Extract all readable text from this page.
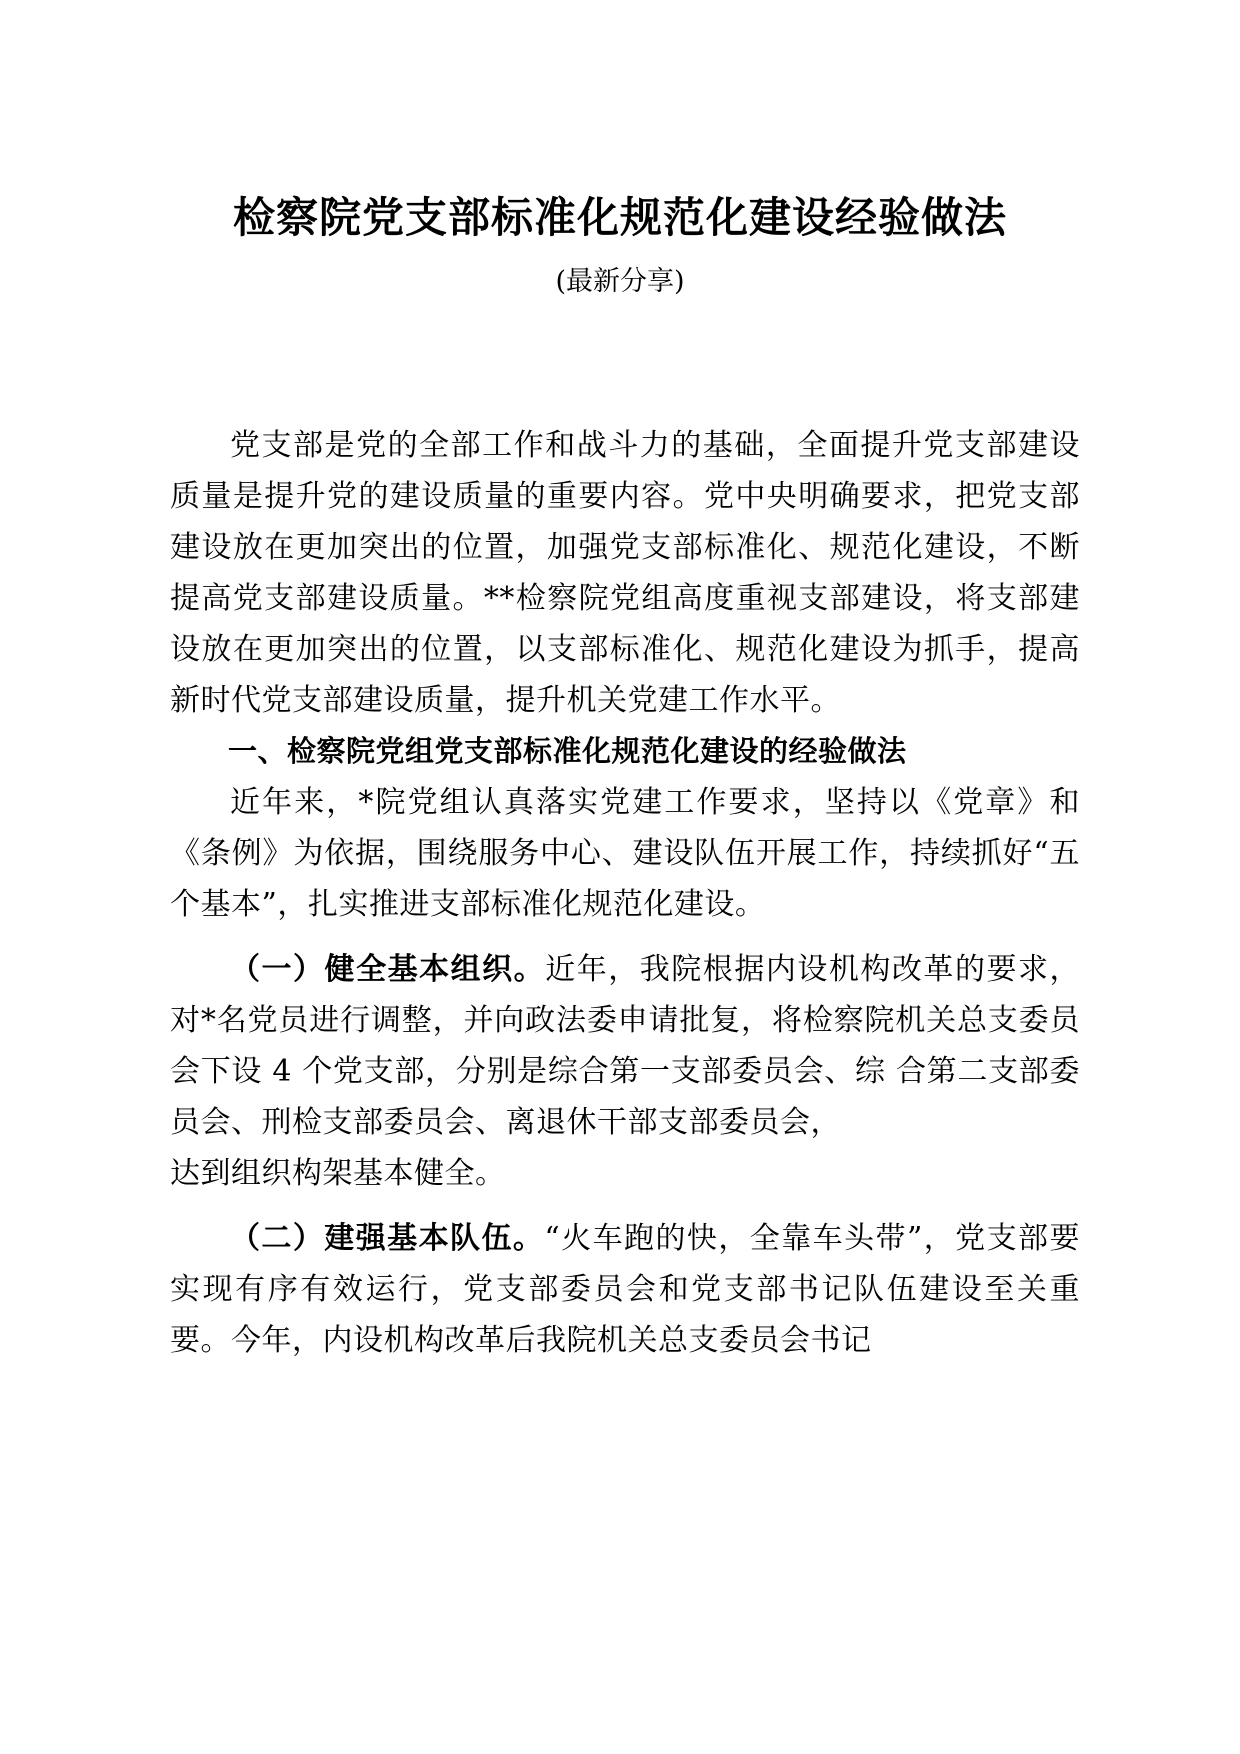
检察院党支部标准化规范化建设经验做法
(最新分享)

党支部是党的全部工作和战斗力的基础，全面提升党支部建设质量是提升党的建设质量的重要内容。党中央明确要求，把党支部建设放在更加突出的位置，加强党支部标准化、规范化建设，不断提高党支部建设质量。**检察院党组高度重视支部建设，将支部建设放在更加突出的位置，以支部标准化、规范化建设为抓手，提高新时代党支部建设质量，提升机关党建工作水平。

一、检察院党组党支部标准化规范化建设的经验做法

近年来，*院党组认真落实党建工作要求，坚持以《党章》和《条例》为依据，围绕服务中心、建设队伍开展工作，持续抓好“五个基本”，扎实推进支部标准化规范化建设。

（一）健全基本组织。近年，我院根据内设机构改革的要求，对*名党员进行调整，并向政法委申请批复，将检察院机关总支委员会下设 4 个党支部，分别是综合第一支部委员会、综 合第二支部委员会、刑检支部委员会、离退休干部支部委员会，

达到组织构架基本健全。

（二）建强基本队伍。“火车跑的快，全靠车头带”，党支部要实现有序有效运行，党支部委员会和党支部书记队伍建设至关重要。今年，内设机构改革后我院机关总支委员会书记
